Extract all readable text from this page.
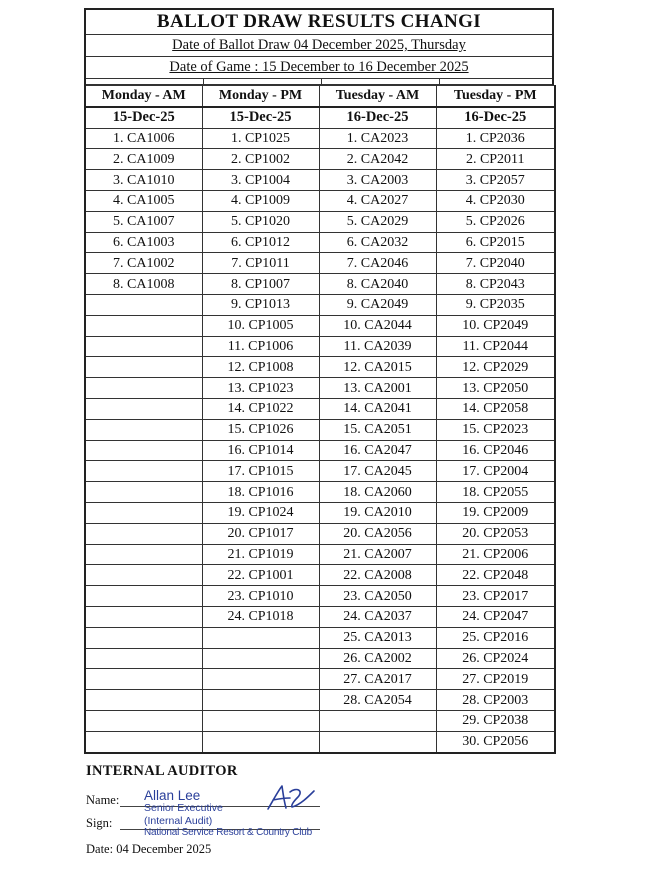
BALLOT DRAW RESULTS CHANGI
Date of Ballot Draw 04 December 2025, Thursday
Date of Game : 15 December to 16 December 2025
Monday - AM	Monday - PM	Tuesday - AM	Tuesday - PM
15-Dec-25	15-Dec-25	16-Dec-25	16-Dec-25
1. CA1006	1. CP1025	1. CA2023	1. CP2036
2. CA1009	2. CP1002	2. CA2042	2. CP2011
3. CA1010	3. CP1004	3. CA2003	3. CP2057
4. CA1005	4. CP1009	4. CA2027	4. CP2030
5. CA1007	5. CP1020	5. CA2029	5. CP2026
6. CA1003	6. CP1012	6. CA2032	6. CP2015
7. CA1002	7. CP1011	7. CA2046	7. CP2040
8. CA1008	8. CP1007	8. CA2040	8. CP2043
	9. CP1013	9. CA2049	9. CP2035
	10. CP1005	10. CA2044	10. CP2049
	11. CP1006	11. CA2039	11. CP2044
	12. CP1008	12. CA2015	12. CP2029
	13. CP1023	13. CA2001	13. CP2050
	14. CP1022	14. CA2041	14. CP2058
	15. CP1026	15. CA2051	15. CP2023
	16. CP1014	16. CA2047	16. CP2046
	17. CP1015	17. CA2045	17. CP2004
	18. CP1016	18. CA2060	18. CP2055
	19. CP1024	19. CA2010	19. CP2009
	20. CP1017	20. CA2056	20. CP2053
	21. CP1019	21. CA2007	21. CP2006
	22. CP1001	22. CA2008	22. CP2048
	23. CP1010	23. CA2050	23. CP2017
	24. CP1018	24. CA2037	24. CP2047
		25. CA2013	25. CP2016
		26. CA2002	26. CP2024
		27. CA2017	27. CP2019
		28. CA2054	28. CP2003
			29. CP2038
			30. CP2056
INTERNAL AUDITOR
Name:
Sign:
Date: 04 December 2025
Allan Lee
Senior Executive
(Internal Audit)
National Service Resort & Country Club
